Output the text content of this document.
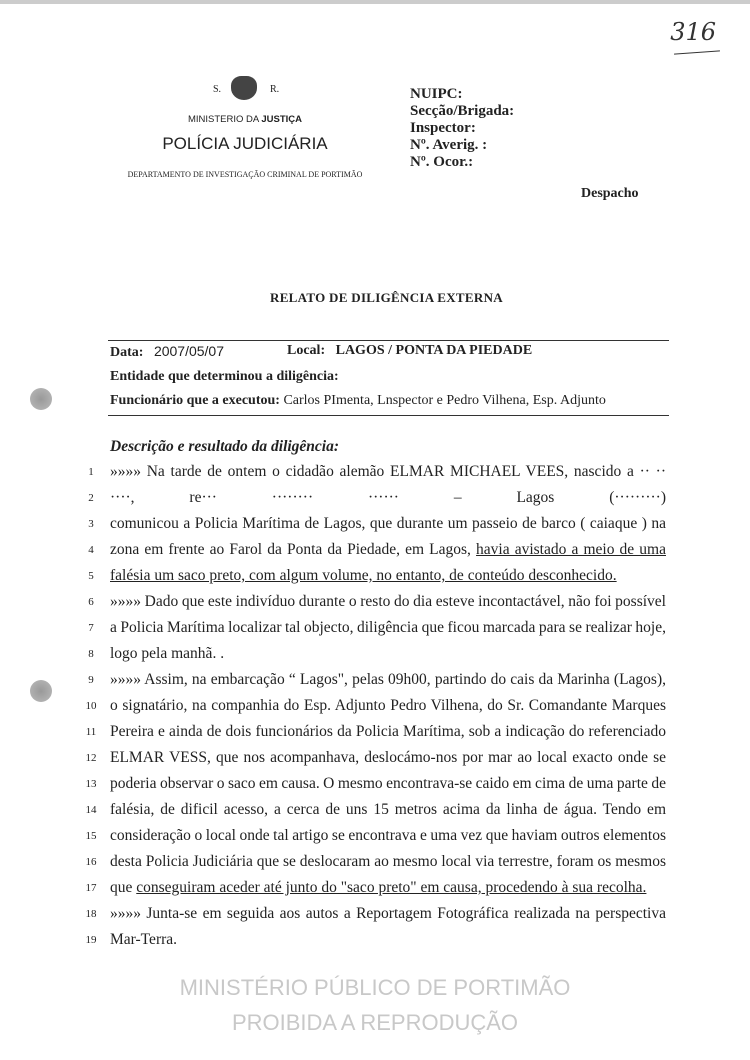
316
S.	R.
MINISTERIO DA JUSTIÇA
POLÍCIA JUDICIÁRIA
DEPARTAMENTO DE INVESTIGAÇÃO CRIMINAL DE PORTIMÃO
NUIPC:
Secção/Brigada:
Inspector:
Nº. Averig. :
Nº. Ocor.:
Despacho
RELATO DE DILIGÊNCIA EXTERNA
Data: 2007/05/07	Local: LAGOS / PONTA DA PIEDADE
Entidade que determinou a diligência:
Funcionário que a executou: Carlos PImenta, Lnspector e Pedro Vilhena, Esp. Adjunto
Descrição e resultado da diligência:
1 »»»» Na tarde de ontem o cidadão alemão ELMAR MICHAEL VEES, nascido a ·· ··
2 ····, re··· ········ ······ – Lagos (·········)
3 comunicou a Policia Marítima de Lagos, que durante um passeio de barco ( caiaque ) na
4 zona em frente ao Farol da Ponta da Piedade, em Lagos, havia avistado a meio de uma
5 falésia um saco preto, com algum volume, no entanto, de conteúdo desconhecido.
6 »»»» Dado que este indivíduo durante o resto do dia esteve incontactável, não foi possível
7 a Policia Marítima localizar tal objecto, diligência que ficou marcada para se realizar hoje,
8 logo pela manhã. .
9 »»»» Assim, na embarcação “ Lagos", pelas 09h00, partindo do cais da Marinha (Lagos),
10 o signatário, na companhia do Esp. Adjunto Pedro Vilhena, do Sr. Comandante Marques
11 Pereira e ainda de dois funcionários da Policia Marítima, sob a indicação do referenciado
12 ELMAR VESS, que nos acompanhava, deslocámo-nos por mar ao local exacto onde se
13 poderia observar o saco em causa. O mesmo encontrava-se caido em cima de uma parte de
14 falésia, de dificil acesso, a cerca de uns 15 metros acima da linha de água. Tendo em
15 consideração o local onde tal artigo se encontrava e uma vez que haviam outros elementos
16 desta Policia Judiciária que se deslocaram ao mesmo local via terrestre, foram os mesmos
17 que conseguiram aceder até junto do "saco preto" em causa, procedendo à sua recolha.
18 »»»» Junta-se em seguida aos autos a Reportagem Fotográfica realizada na perspectiva
19 Mar-Terra.
MINISTÉRIO PÚBLICO DE PORTIMÃO
PROIBIDA A REPRODUÇÃO
